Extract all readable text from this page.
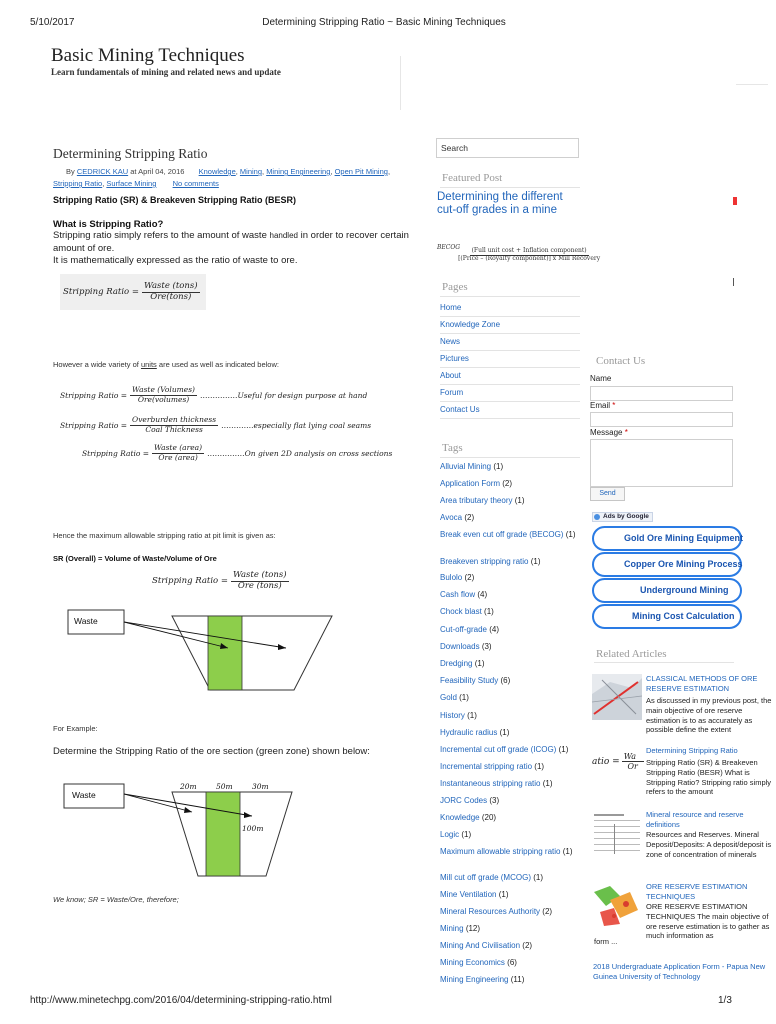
5/10/2017	Determining Stripping Ratio ~ Basic Mining Techniques
Basic Mining Techniques
Learn fundamentals of mining and related news and update
Determining Stripping Ratio
By CEDRICK KAU at April 04, 2016 Knowledge, Mining, Mining Engineering, Open Pit Mining,
Stripping Ratio, Surface Mining No comments
Stripping Ratio (SR) & Breakeven Stripping Ratio (BESR)
What is Stripping Ratio?
Stripping ratio simply refers to the amount of waste handled in order to recover certain amount of ore.
It is mathematically expressed as the ratio of waste to ore.
Stripping Ratio = $\frac{\text{Waste (tons)}}{\text{Ore(tons)}}$
However a wide variety of units are used as well as indicated below:
Stripping Ratio = $\frac{\text{Waste (Volumes)}}{\text{Ore(volumes)}}$ ……………Useful for design purpose at hand
Stripping Ratio = $\frac{\text{Overburden thickness}}{\text{Coal Thickness}}$ ………….especially flat lying coal seams
Stripping Ratio = $\frac{\text{Waste (area)}}{\text{Ore (area)}}$ ……………On given 2D analysis on cross sections
Hence the maximum allowable stripping ratio at pit limit is given as:
SR (Overall) = Volume of Waste/Volume of Ore
Stripping Ratio = $\frac{\text{Waste (tons)}}{\text{Ore (tons)}}$
Waste
For Example:
Determine the Stripping Ratio of the ore section (green zone) shown below:
Waste
20m	50m	30m
100m
We know; SR = Waste/Ore, therefore;
Search
Featured Post
Determining the different cut-off grades in a mine
BECOG
$\frac{\text{(Full unit cost + Inflation component)}}{\text{[(Price – (Royalty component)] x Mill Recovery}}$
Pages
Home
Knowledge Zone
News
Pictures
About
Forum
Contact Us
Tags
Alluvial Mining (1)
Application Form (2)
Area tributary theory (1)
Avoca (2)
Break even cut off grade (BECOG) (1)
Breakeven stripping ratio (1)
Bulolo (2)
Cash flow (4)
Chock blast (1)
Cut-off-grade (4)
Downloads (3)
Dredging (1)
Feasibility Study (6)
Gold (1)
History (1)
Hydraulic radius (1)
Incremental cut off grade (ICOG) (1)
Incremental stripping ratio (1)
Instantaneous stripping ratio (1)
JORC Codes (3)
Knowledge (20)
Logic (1)
Maximum allowable stripping ratio (1)
Mill cut off grade (MCOG) (1)
Mine Ventilation (1)
Mineral Resources Authority (2)
Mining (12)
Mining And Civilisation (2)
Mining Economics (6)
Mining Engineering (11)
Contact Us
Name
Email *
Message *
Send
Ads by Google
Gold Ore Mining Equipment
Copper Ore Mining Process
Underground Mining
Mining Cost Calculation
Related Articles
CLASSICAL METHODS OF ORE RESERVE ESTIMATION
As discussed in my previous post, the main objective of ore reserve estimation is to as accurately as possible define the extent
atio = $\frac{Wa}{Or}$
Determining Stripping Ratio
Stripping Ratio (SR) & Breakeven Stripping Ratio (BESR) What is Stripping Ratio? Stripping ratio simply refers to the amount
Mineral resource and reserve definitions
Resources and Reserves. Mineral Deposit/Deposits: A deposit/deposit is zone of concentration of minerals
ORE RESERVE ESTIMATION TECHNIQUES
ORE RESERVE ESTIMATION TECHNIQUES The main objective of ore reserve estimation is to gather as much information as
form ...
2018 Undergraduate Application Form - Papua New Guinea University of Technology
http://www.minetechpg.com/2016/04/determining-stripping-ratio.html	1/3
